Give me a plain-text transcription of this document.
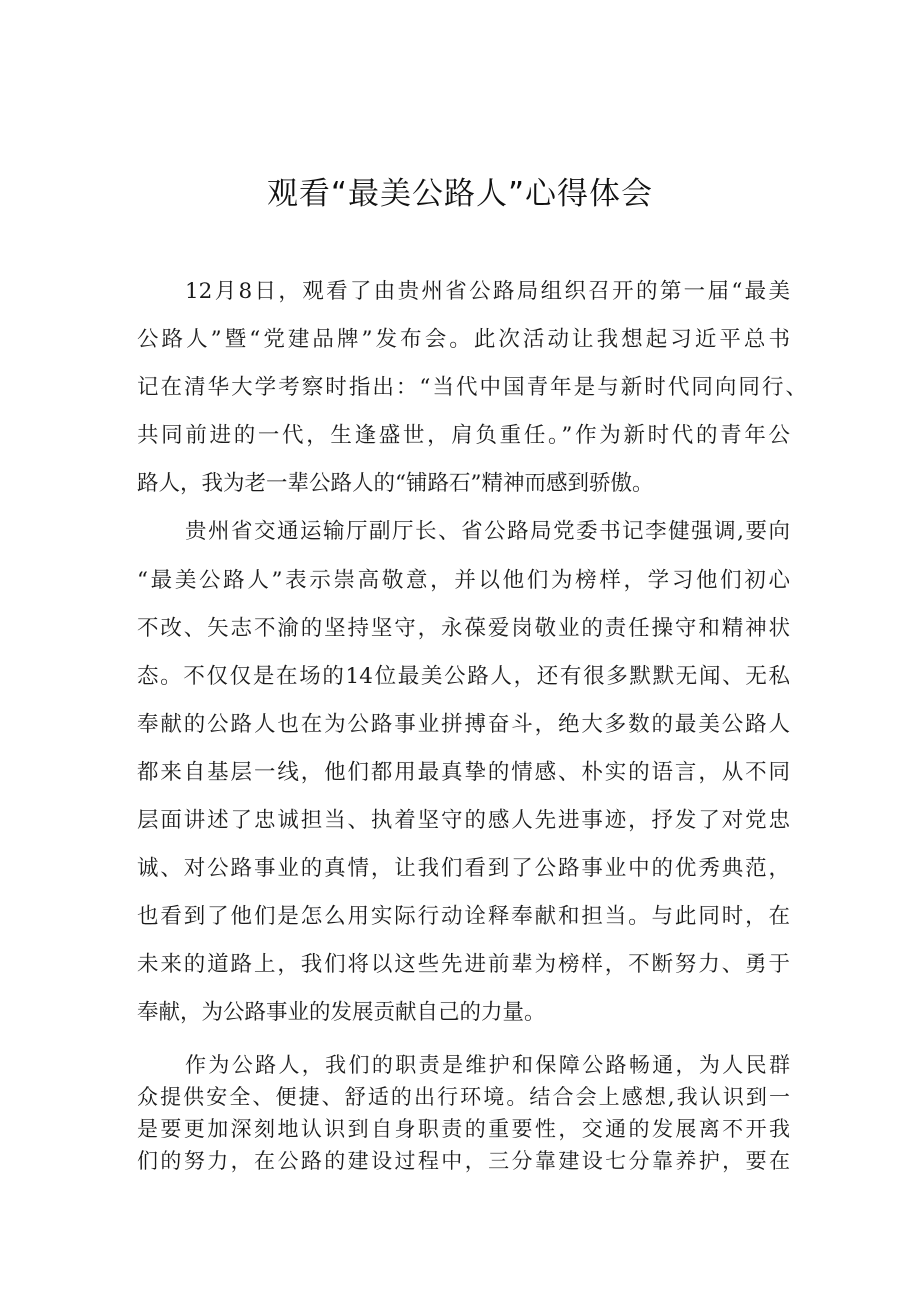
观看“最美公路人”心得体会
12月8日，观看了由贵州省公路局组织召开的第一届“最美
公路人”暨“党建品牌”发布会。此次活动让我想起习近平总书
记在清华大学考察时指出：“当代中国青年是与新时代同向同行、
共同前进的一代，生逢盛世，肩负重任。”作为新时代的青年公
路人，我为老一辈公路人的“铺路石”精神而感到骄傲。
贵州省交通运输厅副厅长、省公路局党委书记李健强调,要向
“最美公路人”表示崇高敬意，并以他们为榜样，学习他们初心
不改、矢志不渝的坚持坚守，永葆爱岗敬业的责任操守和精神状
态。不仅仅是在场的14位最美公路人，还有很多默默无闻、无私
奉献的公路人也在为公路事业拼搏奋斗，绝大多数的最美公路人
都来自基层一线，他们都用最真挚的情感、朴实的语言，从不同
层面讲述了忠诚担当、执着坚守的感人先进事迹，抒发了对党忠
诚、对公路事业的真情，让我们看到了公路事业中的优秀典范，
也看到了他们是怎么用实际行动诠释奉献和担当。与此同时，在
未来的道路上，我们将以这些先进前辈为榜样，不断努力、勇于
奉献，为公路事业的发展贡献自己的力量。
作为公路人，我们的职责是维护和保障公路畅通，为人民群
众提供安全、便捷、舒适的出行环境。结合会上感想,我认识到一
是要更加深刻地认识到自身职责的重要性，交通的发展离不开我
们的努力，在公路的建设过程中，三分靠建设七分靠养护，要在
